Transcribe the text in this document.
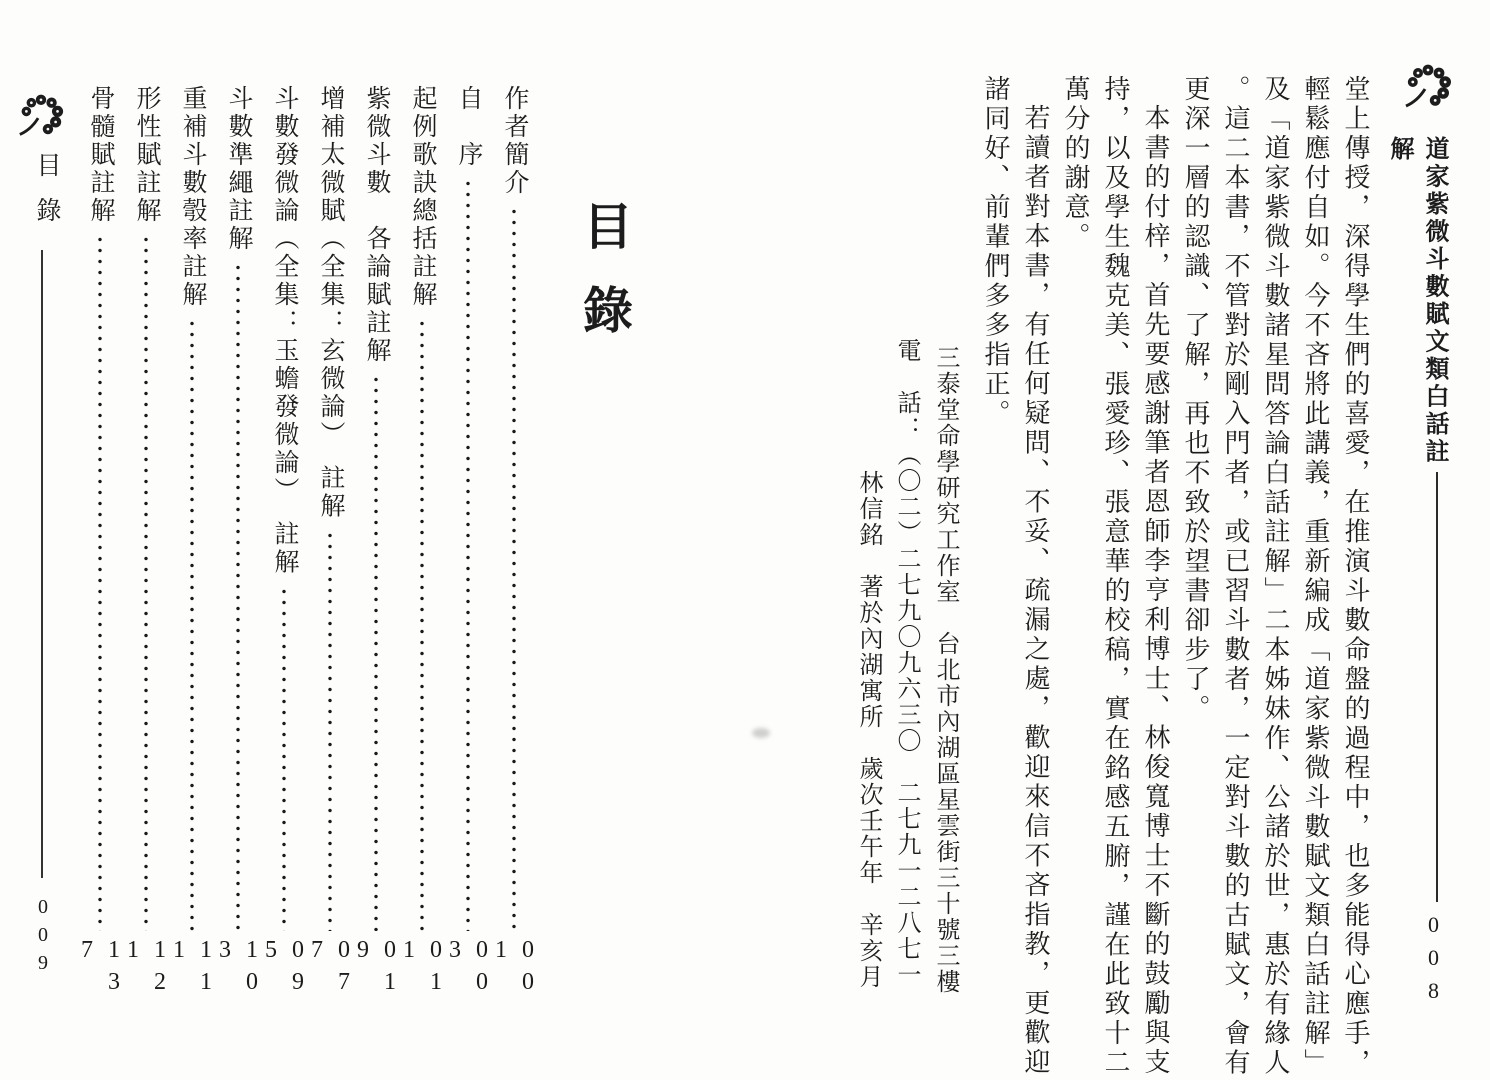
道家紫微斗數賦文類白話註解
008

堂上傳授，深得學生們的喜愛，在推演斗數命盤的過程中，也多能得心應手，輕鬆應付自如。今不吝將此講義，重新編成「道家紫微斗數賦文類白話註解」及「道家紫微斗數諸星問答論白話註解」二本姊妹作、公諸於世，惠於有緣人。這二本書，不管對於剛入門者，或已習斗數者，一定對斗數的古賦文，會有更深一層的認識、了解，再也不致於望書卻步了。

本書的付梓，首先要感謝筆者恩師李亨利博士、林俊寬博士不斷的鼓勵與支持，以及學生魏克美、張愛珍、張意華的校稿，實在銘感五腑，謹在此致十二萬分的謝意。

若讀者對本書，有任何疑問、不妥、疏漏之處，歡迎來信不吝指教，更歡迎諸同好、前輩們多多指正。

三泰堂命學研究工作室　台北市內湖區星雲街三十號三樓
電　話：（〇二）二七九〇九六三〇　二七九一二八七一
林信銘　著於內湖寓所　歲次壬午年　辛亥月
目錄
作者簡介
001
自　序
003
起例歌訣總括註解
011
紫微斗數　各論賦註解
019
增補太微賦（全集：玄微論）　註解
077
斗數發微論（全集：玉蟾發微論）　註解
095
斗數準繩註解
103
重補斗數彀率註解
111
形性賦註解
121
骨髓賦註解
137
目錄
009
